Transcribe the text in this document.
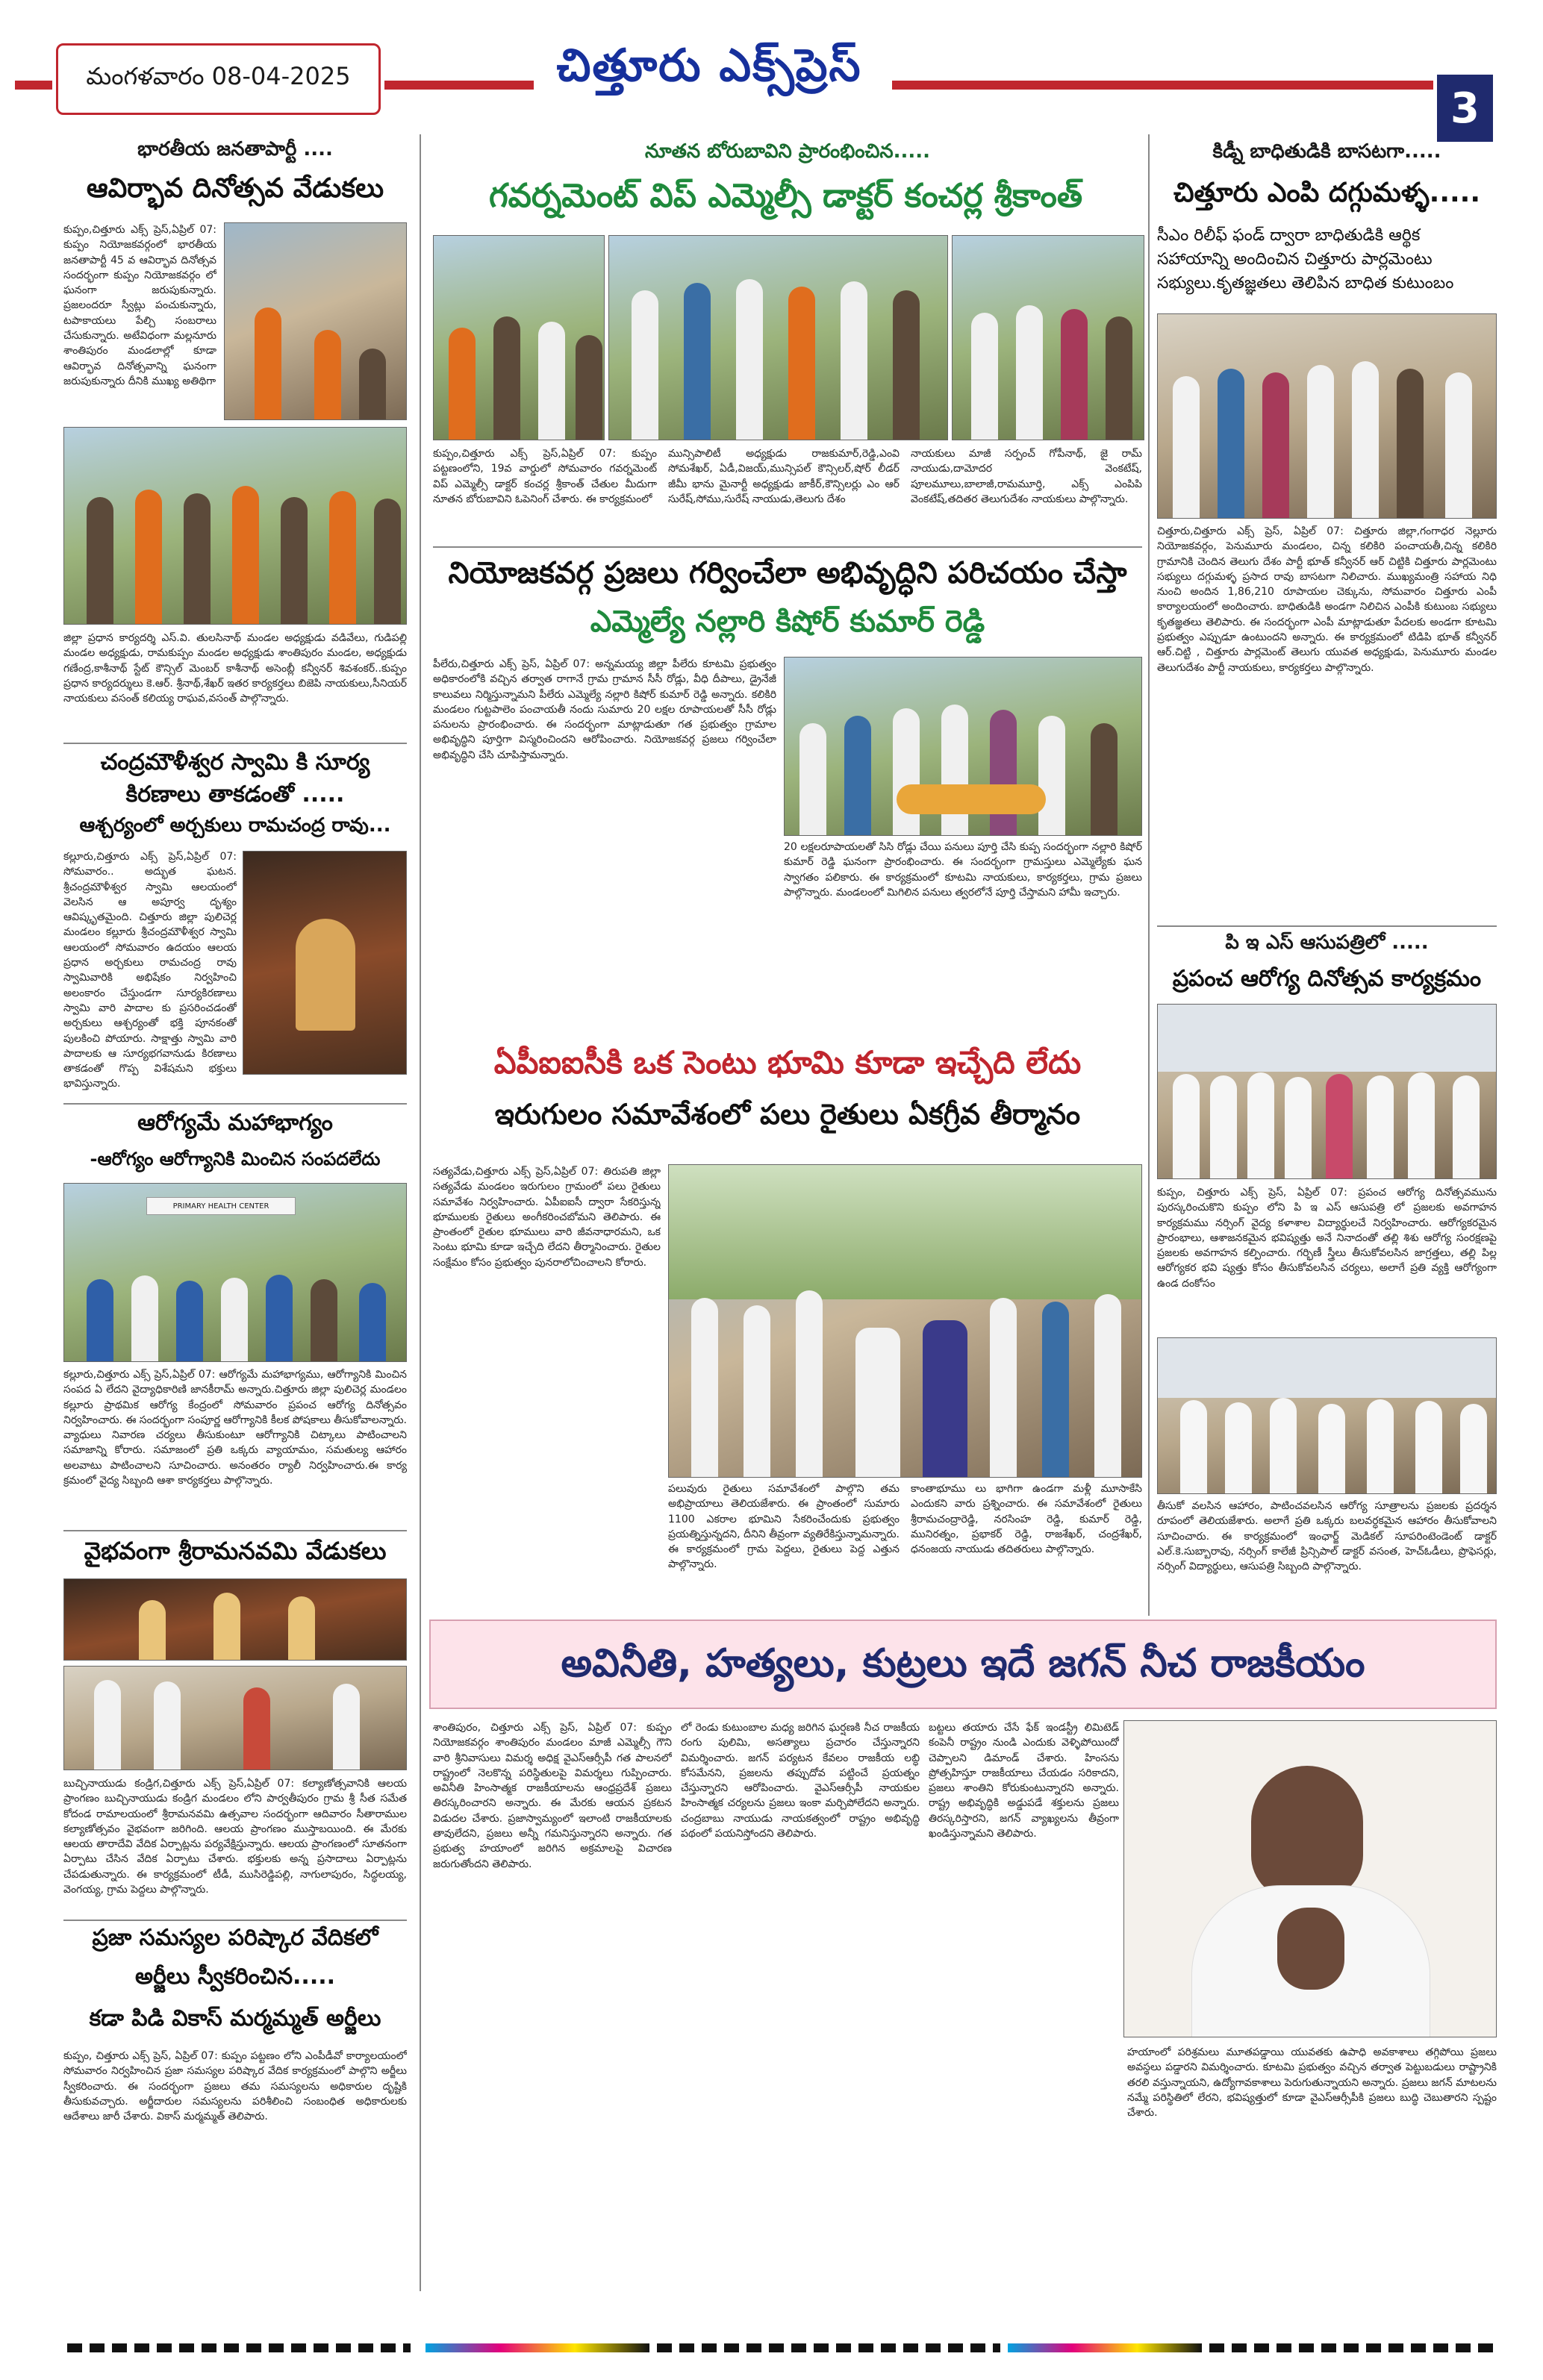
మంగళవారం 08-04-2025	చిత్తూరు ఎక్స్‌ప్రెస్
3
భారతీయ జనతాపార్టీ ....
ఆవిర్భావ దినోత్సవ వేడుకలు
కుప్పం,చిత్తూరు ఎక్స్ ప్రెస్,ఏప్రిల్ 07: కుప్పం నియోజకవర్గంలో భారతీయ జనతాపార్టీ 45 వ ఆవిర్భావ దినోత్సవ సందర్భంగా కుప్పం నియోజకవర్గం లో ఘనంగా జరుపుకున్నారు. ప్రజలందరూ స్వీట్లు పంచుకున్నారు, టపాకాయలు పేల్చి సంబరాలు చేసుకున్నారు. అటేవిధంగా మల్లనూరు శాంతిపురం మండలాల్లో కూడా ఆవిర్భావ దినోత్సవాన్ని ఘనంగా జరుపుకున్నారు దీనికి ముఖ్య అతిథిగా
జిల్లా ప్రధాన కార్యదర్శి ఎస్.వి. తులసినాథ్ మండల అధ్యక్షుడు వడివేలు, గుడిపల్లి మండల అధ్యక్షుడు, రామకుప్పం మండల అధ్యక్షుడు శాంతిపురం మండల, అధ్యక్షుడు గణేంద్ర,కాశీనాథ్ స్టేట్ కౌన్సిల్ మెంబర్ కాశీనాథ్ అసెంబ్లీ కన్వీనర్ శివశంకర్..కుప్పం ప్రధాన కార్యదర్శులు కె.ఆర్. శ్రీనాథ్,శేఖర్ ఇతర కార్యకర్తలు బిజెపి నాయకులు,సీనియర్ నాయకులు వసంత్ కలియ్య రాఘవ,వసంత్ పాల్గొన్నారు.
చంద్రమౌళీశ్వర స్వామి కి సూర్య
కిరణాలు తాకడంతో .....
ఆశ్చర్యంలో అర్చకులు రామచంద్ర రావు...
కల్లూరు,చిత్తూరు ఎక్స్ ప్రెస్,ఏప్రిల్ 07: సోమవారం.. అద్భుత ఘటన. శ్రీచంద్రమౌళీశ్వర స్వామి ఆలయంలో వెలసిన ఆ అపూర్వ దృశ్యం ఆవిష్కృతమైంది. చిత్తూరు జిల్లా పులిచెర్ల మండలం కల్లూరు శ్రీచంద్రమౌళీశ్వర స్వామి ఆలయంలో సోమవారం ఉదయం ఆలయ ప్రధాన అర్చకులు రామచంద్ర రావు స్వామివారికి అభిషేకం నిర్వహించి అలంకారం చేస్తుండగా సూర్యకిరణాలు స్వామి వారి పాదాల కు ప్రసరించడంతో అర్చకులు ఆశ్చర్యంతో భక్తి పూనకంతో పులకించి పోయారు. సాక్షాత్తు స్వామి వారి పాదాలకు ఆ సూర్యభగవానుడు కిరణాలు తాకడంతో గొప్ప విశేషమని భక్తులు భావిస్తున్నారు.
ఆరోగ్యమే మహాభాగ్యం
-ఆరోగ్యం ఆరోగ్యానికి మించిన సంపదలేదు
PRIMARY HEALTH CENTER
కల్లూరు,చిత్తూరు ఎక్స్ ప్రెస్,ఏప్రిల్ 07: ఆరోగ్యమే మహాభాగ్యము, ఆరోగ్యానికి మించిన సంపద ఏ లేదని వైద్యాధికారిణి జానకీరామ్ అన్నారు.చిత్తూరు జిల్లా పులిచెర్ల మండలం కల్లూరు ప్రాథమిక ఆరోగ్య కేంద్రంలో సోమవారం ప్రపంచ ఆరోగ్య దినోత్సవం నిర్వహించారు. ఈ సందర్భంగా సంపూర్ణ ఆరోగ్యానికి కీలక పోషకాలు తీసుకోవాలన్నారు. వ్యాధులు నివారణ చర్యలు తీసుకుంటూ ఆరోగ్యానికి చిట్కాలు పాటించాలని సమాజాన్ని కోరారు. సమాజంలో ప్రతి ఒక్కరు వ్యాయామం, సమతుల్య ఆహారం అలవాటు పాటించాలని సూచించారు. అనంతరం ర్యాలీ నిర్వహించారు.ఈ కార్య క్రమంలో వైద్య సిబ్బంది ఆశా కార్యకర్తలు పాల్గొన్నారు.
వైభవంగా శ్రీరామనవమి వేడుకలు
బుచ్చినాయుడు కండ్రిగ,చిత్తూరు ఎక్స్ ప్రెస్,ఏప్రిల్ 07: కల్యాణోత్సవానికి ఆలయ ప్రాంగణం బుచ్చినాయుడు కండ్రిగ మండలం లోని పార్వతీపురం గ్రామ శ్రీ సీత సమేత కోదండ రామాలయంలో శ్రీరామనవమి ఉత్సవాల సందర్భంగా ఆదివారం సీతారాముల కల్యాణోత్సవం వైభవంగా జరిగింది. ఆలయ ప్రాంగణం ముస్తాబయింది. ఈ మేరకు ఆలయ తారాదేవి వేదిక ఏర్పాట్లను పర్యవేక్షిస్తున్నారు. ఆలయ ప్రాంగణంలో సూతనంగా ఏర్పాటు చేసిన వేదిక ఏర్పాటు చేశారు. భక్తులకు అన్న ప్రసాదాలు ఏర్పాట్లను చేపడుతున్నారు. ఈ కార్యక్రమంలో టీడీ, ముసిరెడ్డిపల్లి, నాగులాపురం, సిద్ధలయ్య, వెంగయ్య, గ్రామ పెద్దలు పాల్గొన్నారు.
ప్రజా సమస్యల పరిష్కార వేదికలో
అర్జీలు స్వీకరించిన.....
కడా పిడి వికాస్ మర్మమ్మత్ అర్జీలు
కుప్పం, చిత్తూరు ఎక్స్ ప్రెస్, ఏప్రిల్ 07: కుప్పం పట్టణం లోని ఎంపీడీవో కార్యాలయంలో సోమవారం నిర్వహించిన ప్రజా సమస్యల పరిష్కార వేదిక కార్యక్రమంలో పాల్గొని అర్జీలు స్వీకరించారు. ఈ సందర్భంగా ప్రజలు తమ సమస్యలను అధికారుల దృష్టికి తీసుకువచ్చారు. అర్జీదారుల సమస్యలను పరిశీలించి సంబంధిత అధికారులకు ఆదేశాలు జారీ చేశారు. వికాస్ మర్మమ్మత్ తెలిపారు.
నూతన బోరుబావిని ప్రారంభించిన.....
గవర్నమెంట్ విప్ ఎమ్మెల్సీ డాక్టర్ కంచర్ల శ్రీకాంత్
కుప్పం,చిత్తూరు ఎక్స్ ప్రెస్,ఏప్రిల్ 07: కుప్పం పట్టణంలోని, 19వ వార్డులో సోమవారం గవర్నమెంట్ విప్ ఎమ్మెల్సీ డాక్టర్ కంచర్ల శ్రీకాంత్ చేతుల మీదుగా నూతన బోరుబావిని ఓపెనింగ్ చేశారు. ఈ కార్యక్రమంలో
మున్సిపాలిటీ అధ్యక్షుడు రాజకుమార్,రెడ్డి,ఎంవి సోమశేఖర్, ఏడీ,విజయ్,మున్సిపల్ కౌన్సిలర్,షోర్ లీడర్ జీమీ భాను మైనార్టీ అధ్యక్షుడు జాకీర్,కౌన్సిలర్లు ఎం ఆర్ సురేష్,సోము,సురేష్ నాయుడు,తెలుగు దేశం
నాయకులు మాజీ సర్పంచ్ గోపీనాథ్, జై రామ్ నాయుడు,దామోదర వెంకటేష్, పూలమూలు,బాలాజీ,రామమూర్తి, ఎక్స్ ఎంపిపి వెంకటేష్,తదితర తెలుగుదేశం నాయకులు పాల్గొన్నారు.
నియోజకవర్గ ప్రజలు గర్వించేలా అభివృద్ధిని పరిచయం చేస్తా
ఎమ్మెల్యే నల్లారి కిషోర్ కుమార్ రెడ్డి
పీలేరు,చిత్తూరు ఎక్స్ ప్రెస్, ఏప్రిల్ 07: అన్నమయ్య జిల్లా పీలేరు కూటమి ప్రభుత్వం అధికారంలోకి వచ్చిన తర్వాత రాగానే గ్రామ గ్రామాన సీసీ రోడ్లు, వీధి దీపాలు, డ్రైనేజీ కాలువలు నిర్మిస్తున్నామని పీలేరు ఎమ్మెల్యే నల్లారి కిషోర్ కుమార్ రెడ్డి అన్నారు. కలికిరి మండలం గుట్టపాలెం పంచాయతీ నందు సుమారు 20 లక్షల రూపాయలతో సీసీ రోడ్లు పనులను ప్రారంభించారు. ఈ సందర్భంగా మాట్లాడుతూ గత ప్రభుత్వం గ్రామాల అభివృద్ధిని పూర్తిగా విస్మరించిందని ఆరోపించారు. నియోజకవర్గ ప్రజలు గర్వించేలా అభివృద్ధిని చేసి చూపిస్తామన్నారు.
20 లక్షలరూపాయలతో సిసి రోడ్లు చేయి పనులు పూర్తి చేసి కుప్ప సందర్భంగా నల్లారి కిషోర్ కుమార్ రెడ్డి ఘనంగా ప్రారంభించారు. ఈ సందర్భంగా గ్రామస్తులు ఎమ్మెల్యేకు ఘన స్వాగతం పలికారు. ఈ కార్యక్రమంలో కూటమి నాయకులు, కార్యకర్తలు, గ్రామ ప్రజలు పాల్గొన్నారు. మండలంలో మిగిలిన పనులు త్వరలోనే పూర్తి చేస్తామని హామీ ఇచ్చారు.
ఏపీఐఐసీకి ఒక సెంటు భూమి కూడా ఇచ్చేది లేదు
ఇరుగులం సమావేశంలో పలు రైతులు ఏకగ్రీవ తీర్మానం
సత్యవేడు,చిత్తూరు ఎక్స్ ప్రెస్,ఏప్రిల్ 07: తిరుపతి జిల్లా సత్యవేడు మండలం ఇరుగులం గ్రామంలో పలు రైతులు సమావేశం నిర్వహించారు. ఏపీఐఐసీ ద్వారా సేకరిస్తున్న భూములకు రైతులు అంగీకరించబోమని తెలిపారు. ఈ ప్రాంతంలో రైతుల భూములు వారి జీవనాధారమని, ఒక సెంటు భూమి కూడా ఇచ్చేది లేదని తీర్మానించారు. రైతుల సంక్షేమం కోసం ప్రభుత్వం పునరాలోచించాలని కోరారు.
పలువురు రైతులు సమావేశంలో పాల్గొని తమ అభిప్రాయాలు తెలియజేశారు. ఈ ప్రాంతంలో సుమారు 1100 ఎకరాల భూమిని సేకరించేందుకు ప్రభుత్వం ప్రయత్నిస్తున్నదని, దీనిని తీవ్రంగా వ్యతిరేకిస్తున్నామన్నారు. ఈ కార్యక్రమంలో గ్రామ పెద్దలు, రైతులు పెద్ద ఎత్తున పాల్గొన్నారు.
కాంతాభూము లు భాగిగా ఉండగా మళ్లీ మూసాకేసి ఎందుకని వారు ప్రశ్నించారు. ఈ సమావేశంలో రైతులు శ్రీరామచంద్రారెడ్డి, నరసింహ రెడ్డి, కుమార్ రెడ్డి, మునిరత్నం, ప్రభాకర్ రెడ్డి, రాజశేఖర్, చంద్రశేఖర్, ధనంజయ నాయుడు తదితరులు పాల్గొన్నారు.
కిడ్నీ బాధితుడికి బాసటగా.....
చిత్తూరు ఎంపి దగ్గుమళ్ళ.....
సీఎం రిలీఫ్ ఫండ్ ద్వారా బాధితుడికి ఆర్థిక సహాయాన్ని అందించిన చిత్తూరు పార్లమెంటు సభ్యులు.కృతజ్ఞతలు తెలిపిన బాధిత కుటుంబం
చిత్తూరు,చిత్తూరు ఎక్స్ ప్రెస్, ఏప్రిల్ 07: చిత్తూరు జిల్లా,గంగాధర నెల్లూరు నియోజకవర్గం, పెనుమూరు మండలం, చిన్న కలికిరి పంచాయతీ,చిన్న కలికిరి గ్రామానికి చెందిన తెలుగు దేశం పార్టీ భూత్ కన్వీనర్ ఆర్ చిట్టికి చిత్తూరు పార్లమెంటు సభ్యులు దగ్గుమళ్ళ ప్రసాద రావు బాసటగా నిలిచారు. ముఖ్యమంత్రి సహాయ నిధి నుంచి అందిన 1,86,210 రూపాయల చెక్కును, సోమవారం చిత్తూరు ఎంపీ కార్యాలయంలో అందించారు. బాధితుడికి అండగా నిలిచిన ఎంపీకి కుటుంబ సభ్యులు కృతజ్ఞతలు తెలిపారు. ఈ సందర్భంగా ఎంపీ మాట్లాడుతూ పేదలకు అండగా కూటమి ప్రభుత్వం ఎప్పుడూ ఉంటుందని అన్నారు. ఈ కార్యక్రమంలో టిడిపి భూత్ కన్వీనర్ ఆర్.చిట్టి , చిత్తూరు పార్లమెంట్ తెలుగు యువత అధ్యక్షుడు, పెనుమూరు మండల తెలుగుదేశం పార్టీ నాయకులు, కార్యకర్తలు పాల్గొన్నారు.
పి ఇ ఎస్ ఆసుపత్రిలో .....
ప్రపంచ ఆరోగ్య దినోత్సవ కార్యక్రమం
కుప్పం, చిత్తూరు ఎక్స్ ప్రెస్, ఏప్రిల్ 07: ప్రపంచ ఆరోగ్య దినోత్సవమును పురస్కరించుకొని కుప్పం లోని పి ఇ ఎస్ ఆసుపత్రి లో ప్రజలకు అవగాహన కార్యక్రమము నర్సింగ్ వైద్య కళాశాల విద్యార్థులచే నిర్వహించారు. ఆరోగ్యకరమైన ప్రారంభాలు, ఆశాజనకమైన భవిష్యత్తు అనే నినాదంతో తల్లి శిశు ఆరోగ్య సంరక్షణపై ప్రజలకు అవగాహన కల్పించారు. గర్భిణీ స్త్రీలు తీసుకోవలసిన జాగ్రత్తలు, తల్లి పిల్ల ఆరోగ్యకర భవి ష్యత్తు కోసం తీసుకోవలసిన చర్యలు, అలాగే ప్రతి వ్యక్తి ఆరోగ్యంగా ఉండ దంకోసం
తీసుకో వలసిన ఆహారం, పాటించవలసిన ఆరోగ్య సూత్రాలను ప్రజలకు ప్రదర్శన రూపంలో తెలియజేశారు. అలాగే ప్రతి ఒక్కరు బలవర్ధకమైన ఆహారం తీసుకోవాలని సూచించారు. ఈ కార్యక్రమంలో ఇంఛార్జ్ మెడికల్ సూపరింటెండెంట్ డాక్టర్ ఎల్.కె.సుబ్బారావు, నర్సింగ్ కాలేజీ ప్రిన్సిపాల్ డాక్టర్ వసంత, హెచ్ఓడీలు, ప్రొఫెసర్లు, నర్సింగ్ విద్యార్థులు, ఆసుపత్రి సిబ్బంది పాల్గొన్నారు.
అవినీతి, హత్యలు, కుట్రలు ఇదే జగన్ నీచ రాజకీయం
శాంతిపురం, చిత్తూరు ఎక్స్ ప్రెస్, ఏప్రిల్ 07: కుప్పం నియోజకవర్గం శాంతిపురం మండలం మాజీ ఎమ్మెల్సీ గౌని వారి శ్రీనివాసులు విమర్శ అధిక్ష వైఎస్ఆర్సీపీ గత పాలనలో రాష్ట్రంలో నెలకొన్న పరిస్థితులపై విమర్శలు గుప్పించారు. అవినీతి హింసాత్మక రాజకీయాలను ఆంధ్రప్రదేశ్ ప్రజలు తిరస్కరించారని అన్నారు. ఈ మేరకు ఆయన ప్రకటన విడుదల చేశారు. ప్రజాస్వామ్యంలో ఇలాంటి రాజకీయాలకు తావులేదని, ప్రజలు అన్నీ గమనిస్తున్నారని అన్నారు. గత ప్రభుత్వ హయాంలో జరిగిన అక్రమాలపై విచారణ జరుగుతోందని తెలిపారు.
లో రెండు కుటుంబాల మధ్య జరిగిన ఘర్షణకి నీచ రాజకీయ రంగు పులిమి, అసత్యాలు ప్రచారం చేస్తున్నారని విమర్శించారు. జగన్ పర్యటన కేవలం రాజకీయ లబ్ధి కోసమేనని, ప్రజలను తప్పుదోవ పట్టించే ప్రయత్నం చేస్తున్నారని ఆరోపించారు. వైఎస్ఆర్సీపీ నాయకుల హింసాత్మక చర్యలను ప్రజలు ఇంకా మర్చిపోలేదని అన్నారు. చంద్రబాబు నాయుడు నాయకత్వంలో రాష్ట్రం అభివృద్ధి పథంలో పయనిస్తోందని తెలిపారు.
బట్టలు తయారు చేసే ఫేక్ ఇండస్ట్రీ లిమిటెడ్ కంపెనీ రాష్ట్రం నుండి ఎందుకు వెళ్ళిపోయిందో చెప్పాలని డిమాండ్ చేశారు. హింసను ప్రోత్సహిస్తూ రాజకీయాలు చేయడం సరికాదని, ప్రజలు శాంతిని కోరుకుంటున్నారని అన్నారు. రాష్ట్ర అభివృద్ధికి అడ్డుపడే శక్తులను ప్రజలు తిరస్కరిస్తారని, జగన్ వ్యాఖ్యలను తీవ్రంగా ఖండిస్తున్నామని తెలిపారు.
హయాంలో పరిశ్రమలు మూతపడ్డాయి యువతకు ఉపాధి అవకాశాలు తగ్గిపోయి ప్రజలు అవస్థలు పడ్డారని విమర్శించారు. కూటమి ప్రభుత్వం వచ్చిన తర్వాత పెట్టుబడులు రాష్ట్రానికి తరలి వస్తున్నాయని, ఉద్యోగావకాశాలు పెరుగుతున్నాయని అన్నారు. ప్రజలు జగన్ మాటలను నమ్మే పరిస్థితిలో లేరని, భవిష్యత్తులో కూడా వైఎస్ఆర్సీపీకి ప్రజలు బుద్ధి చెబుతారని స్పష్టం చేశారు.
